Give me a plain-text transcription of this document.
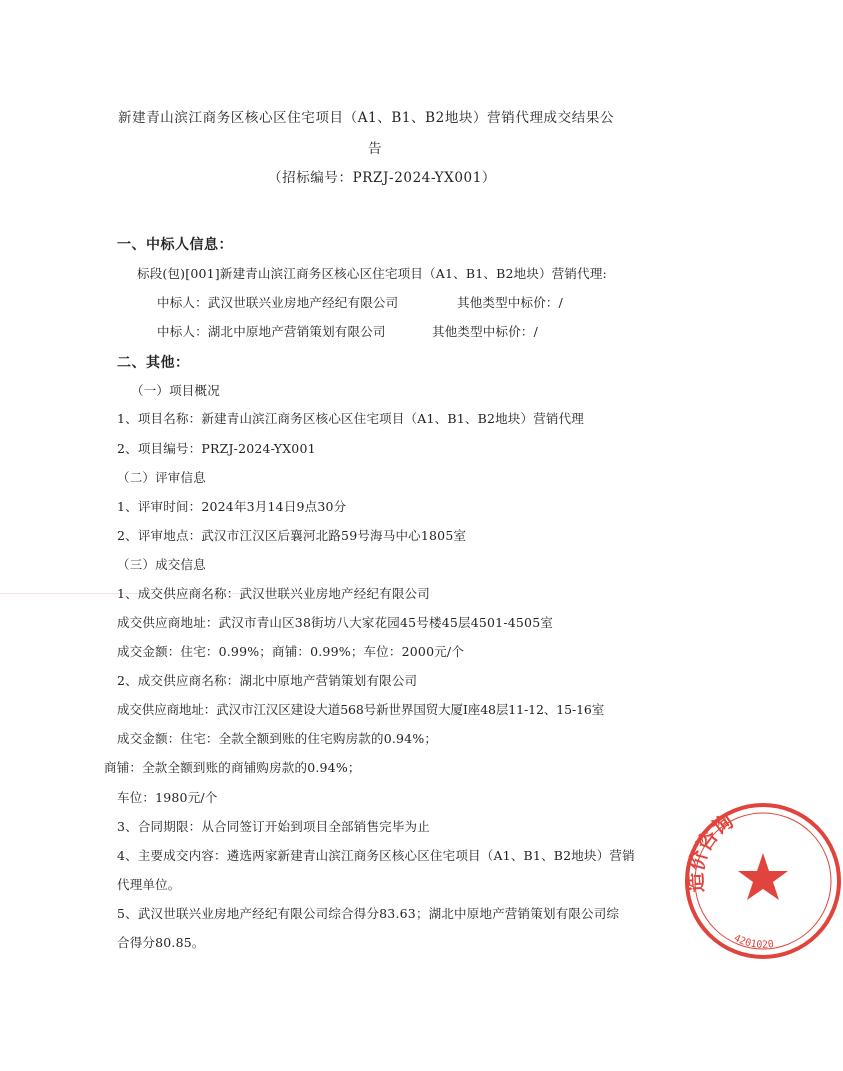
新建青山滨江商务区核心区住宅项目（A1、B1、B2地块）营销代理成交结果公
告
（招标编号：PRZJ-2024-YX001）
一、中标人信息：
标段(包)[001]新建青山滨江商务区核心区住宅项目（A1、B1、B2地块）营销代理:
中标人：武汉世联兴业房地产经纪有限公司	其他类型中标价：/
中标人：湖北中原地产营销策划有限公司	其他类型中标价：/
二、其他：
（一）项目概况
1、项目名称：新建青山滨江商务区核心区住宅项目（A1、B1、B2地块）营销代理
2、项目编号：PRZJ-2024-YX001
（二）评审信息
1、评审时间：2024年3月14日9点30分
2、评审地点：武汉市江汉区后襄河北路59号海马中心1805室
（三）成交信息
1、成交供应商名称：武汉世联兴业房地产经纪有限公司
成交供应商地址：武汉市青山区38街坊八大家花园45号楼45层4501-4505室
成交金额：住宅：0.99%；商铺：0.99%；车位：2000元/个
2、成交供应商名称：湖北中原地产营销策划有限公司
成交供应商地址：武汉市江汉区建设大道568号新世界国贸大厦I座48层11-12、15-16室
成交金额：住宅：全款全额到账的住宅购房款的0.94%；
商铺：全款全额到账的商铺购房款的0.94%；
车位：1980元/个
3、合同期限：从合同签订开始到项目全部销售完毕为止
4、主要成交内容：遴选两家新建青山滨江商务区核心区住宅项目（A1、B1、B2地块）营销
代理单位。
5、武汉世联兴业房地产经纪有限公司综合得分83.63；湖北中原地产营销策划有限公司综
合得分80.85。
造价咨询
4201020
